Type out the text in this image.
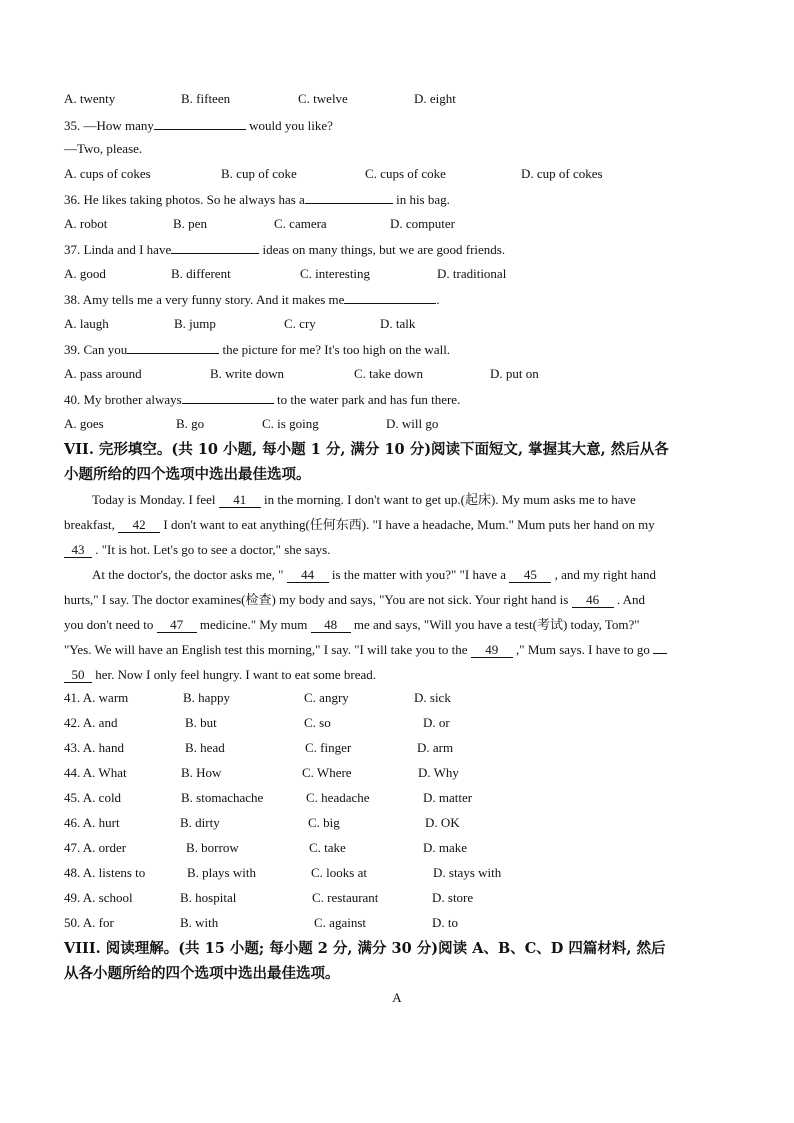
A. twenty	B. fifteen	C. twelve	D. eight
35. —How many	would you like?
—Two, please.
A. cups of cokes	B. cup of coke	C. cups of coke	D. cup of cokes
36. He likes taking photos. So he always has a	in his bag.
A. robot	B. pen	C. camera	D. computer
37. Linda and I have	ideas on many things, but we are good friends.
A. good	B. different	C. interesting	D. traditional
38. Amy tells me a very funny story. And it makes me	.
A. laugh	B. jump	C. cry	D. talk
39. Can you	the picture for me? It's too high on the wall.
A. pass around	B. write down	C. take down	D. put on
40. My brother always	to the water park and has fun there.
A. goes	B. go	C. is going	D. will go
VII. 完形填空。(共 10 小题, 每小题 1 分, 满分 10 分)阅读下面短文, 掌握其大意, 然后从各
小题所给的四个选项中选出最佳选项。
Today is Monday. I feel 41 in the morning. I don't want to get up.(起床). My mum asks me to have
breakfast, 42 I don't want to eat anything(任何东西). "I have a headache, Mum." Mum puts her hand on my
43 . "It is hot. Let's go to see a doctor," she says.
At the doctor's, the doctor asks me, " 44 is the matter with you?" "I have a 45 , and my right hand
hurts," I say. The doctor examines(检查) my body and says, "You are not sick. Your right hand is 46 . And
you don't need to 47 medicine." My mum 48 me and says, "Will you have a test(考试) today, Tom?"
"Yes. We will have an English test this morning," I say. "I will take you to the 49 ," Mum says. I have to go
50 her. Now I only feel hungry. I want to eat some bread.
41. A. warm	B. happy	C. angry	D. sick
42. A. and	B. but	C. so	D. or
43. A. hand	B. head	C. finger	D. arm
44. A. What	B. How	C. Where	D. Why
45. A. cold	B. stomachache	C. headache	D. matter
46. A. hurt	B. dirty	C. big	D. OK
47. A. order	B. borrow	C. take	D. make
48. A. listens to	B. plays with	C. looks at	D. stays with
49. A. school	B. hospital	C. restaurant	D. store
50. A. for	B. with	C. against	D. to
VIII. 阅读理解。(共 15 小题; 每小题 2 分, 满分 30 分)阅读 A、B、C、D 四篇材料, 然后
从各小题所给的四个选项中选出最佳选项。
A
